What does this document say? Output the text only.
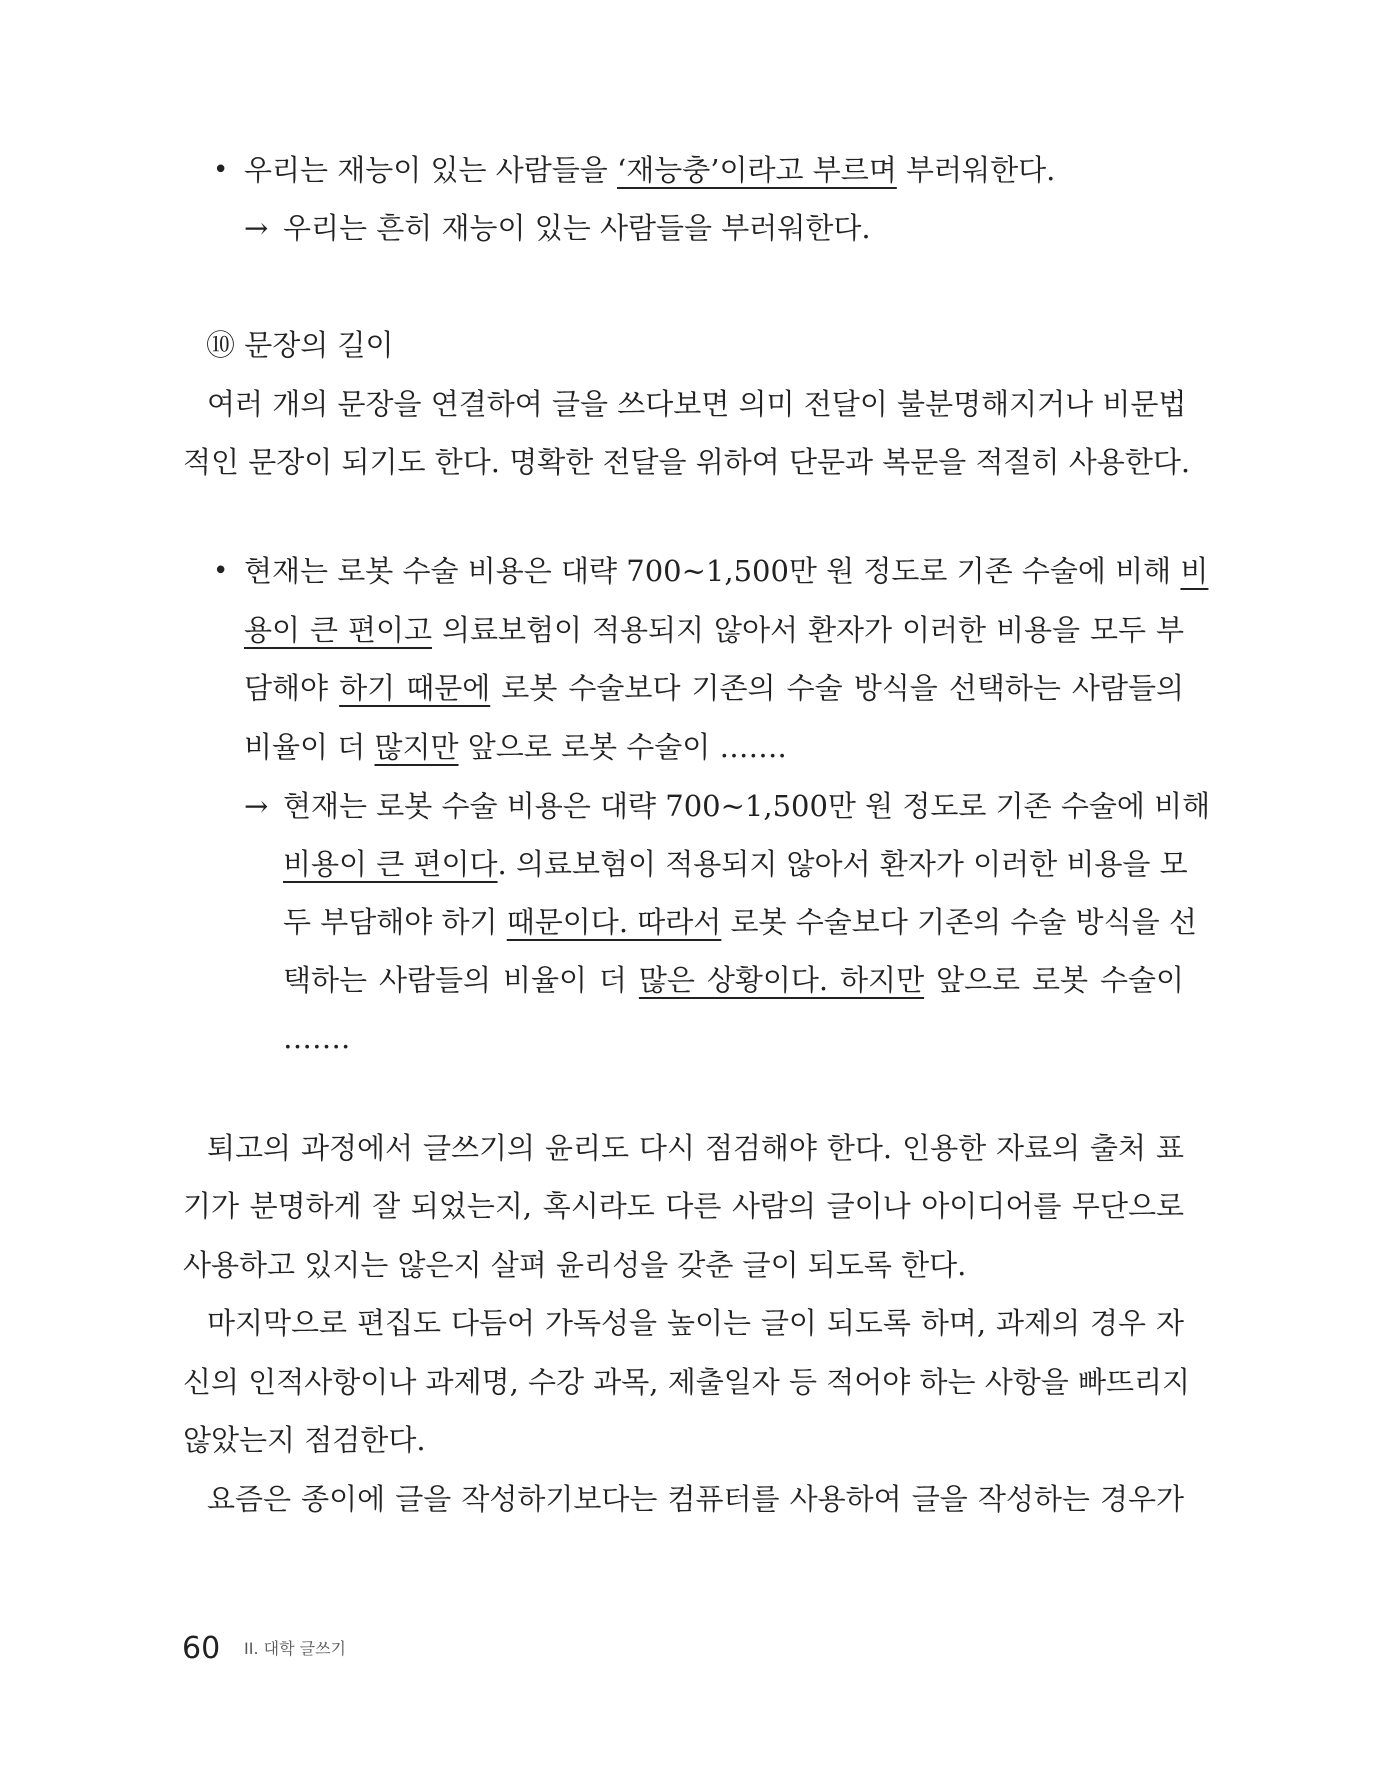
• 우리는 재능이 있는 사람들을 ‘재능충’이라고 부르며 부러워한다.
→ 우리는 흔히 재능이 있는 사람들을 부러워한다.
⑩ 문장의 길이
여러 개의 문장을 연결하여 글을 쓰다보면 의미 전달이 불분명해지거나 비문법
적인 문장이 되기도 한다. 명확한 전달을 위하여 단문과 복문을 적절히 사용한다.
• 현재는 로봇 수술 비용은 대략 700~1,500만 원 정도로 기존 수술에 비해 비
용이 큰 편이고 의료보험이 적용되지 않아서 환자가 이러한 비용을 모두 부
담해야 하기 때문에 로봇 수술보다 기존의 수술 방식을 선택하는 사람들의
비율이 더 많지만 앞으로 로봇 수술이 …….
→ 현재는 로봇 수술 비용은 대략 700~1,500만 원 정도로 기존 수술에 비해
비용이 큰 편이다. 의료보험이 적용되지 않아서 환자가 이러한 비용을 모
두 부담해야 하기 때문이다. 따라서 로봇 수술보다 기존의 수술 방식을 선
택하는 사람들의 비율이 더 많은 상황이다. 하지만 앞으로 로봇 수술이
…….
퇴고의 과정에서 글쓰기의 윤리도 다시 점검해야 한다. 인용한 자료의 출처 표
기가 분명하게 잘 되었는지, 혹시라도 다른 사람의 글이나 아이디어를 무단으로
사용하고 있지는 않은지 살펴 윤리성을 갖춘 글이 되도록 한다.
마지막으로 편집도 다듬어 가독성을 높이는 글이 되도록 하며, 과제의 경우 자
신의 인적사항이나 과제명, 수강 과목, 제출일자 등 적어야 하는 사항을 빠뜨리지
않았는지 점검한다.
요즘은 종이에 글을 작성하기보다는 컴퓨터를 사용하여 글을 작성하는 경우가
60 II. 대학 글쓰기
